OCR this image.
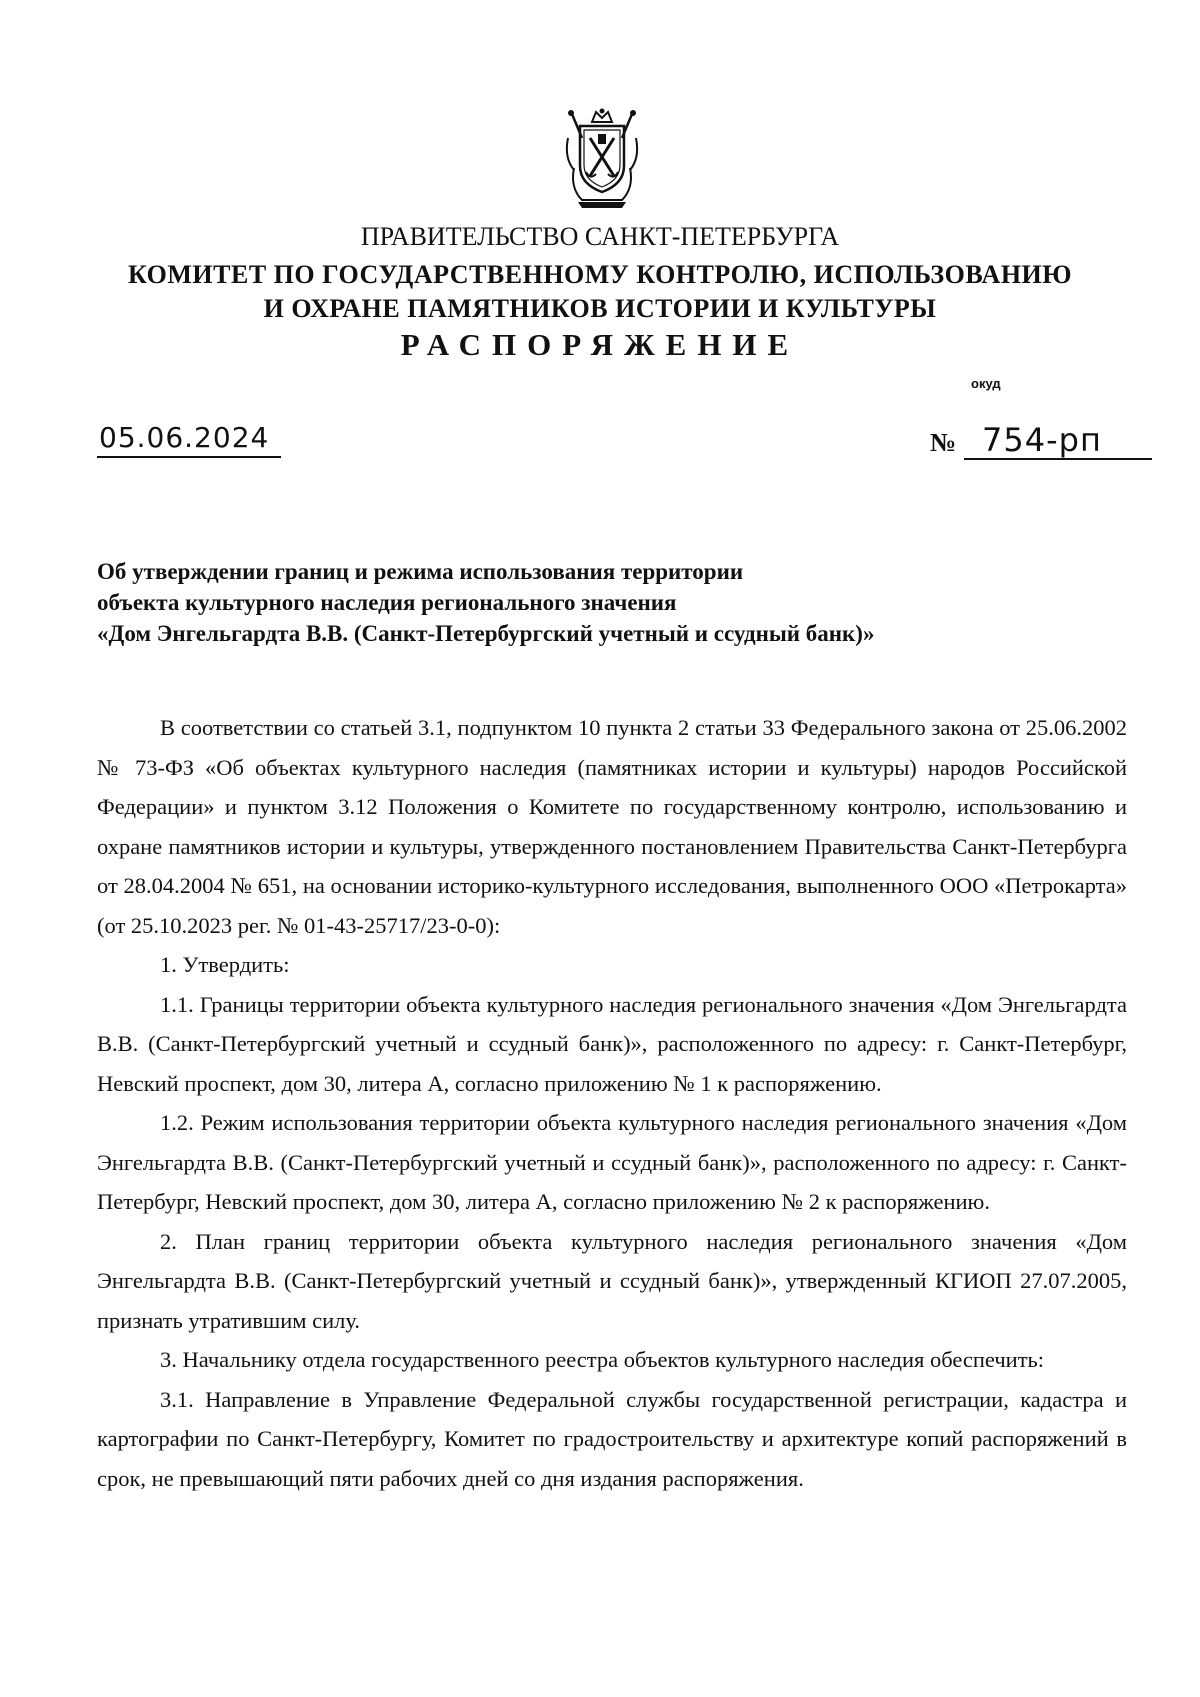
ПРАВИТЕЛЬСТВО САНКТ-ПЕТЕРБУРГА
КОМИТЕТ ПО ГОСУДАРСТВЕННОМУ КОНТРОЛЮ, ИСПОЛЬЗОВАНИЮ
И ОХРАНЕ ПАМЯТНИКОВ ИСТОРИИ И КУЛЬТУРЫ
РАСПОРЯЖЕНИЕ
окуд
05.06.2024	№ 754-рп
Об утверждении границ и режима использования территории
объекта культурного наследия регионального значения
«Дом Энгельгардта В.В. (Санкт-Петербургский учетный и ссудный банк)»

В соответствии со статьей 3.1, подпунктом 10 пункта 2 статьи 33 Федерального закона от 25.06.2002 № 73-ФЗ «Об объектах культурного наследия (памятниках истории и культуры) народов Российской Федерации» и пунктом 3.12 Положения о Комитете по государственному контролю, использованию и охране памятников истории и культуры, утвержденного постановлением Правительства Санкт-Петербурга от 28.04.2004 № 651, на основании историко-культурного исследования, выполненного ООО «Петрокарта» (от 25.10.2023 рег. № 01-43-25717/23-0-0):

1. Утвердить:

1.1. Границы территории объекта культурного наследия регионального значения «Дом Энгельгардта В.В. (Санкт-Петербургский учетный и ссудный банк)», расположенного по адресу: г. Санкт-Петербург, Невский проспект, дом 30, литера А, согласно приложению № 1 к распоряжению.

1.2. Режим использования территории объекта культурного наследия регионального значения «Дом Энгельгардта В.В. (Санкт-Петербургский учетный и ссудный банк)», расположенного по адресу: г. Санкт-Петербург, Невский проспект, дом 30, литера А, согласно приложению № 2 к распоряжению.

2. План границ территории объекта культурного наследия регионального значения «Дом Энгельгардта В.В. (Санкт-Петербургский учетный и ссудный банк)», утвержденный КГИОП 27.07.2005, признать утратившим силу.

3. Начальнику отдела государственного реестра объектов культурного наследия обеспечить:

3.1. Направление в Управление Федеральной службы государственной регистрации, кадастра и картографии по Санкт-Петербургу, Комитет по градостроительству и архитектуре копий распоряжений в срок, не превышающий пяти рабочих дней со дня издания распоряжения.
